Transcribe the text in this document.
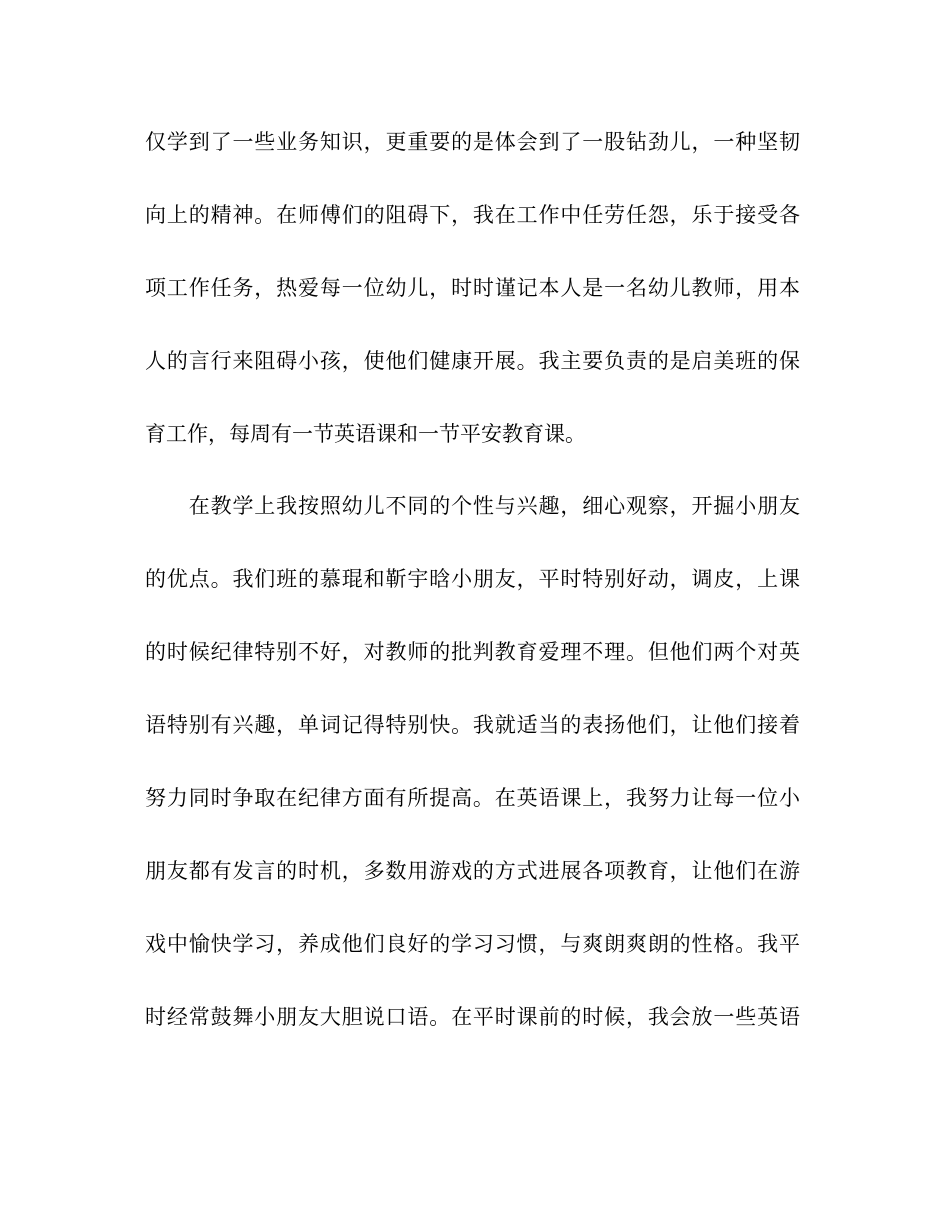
仅学到了一些业务知识，更重要的是体会到了一股钻劲儿，一种坚韧
向上的精神。在师傅们的阻碍下，我在工作中任劳任怨，乐于接受各
项工作任务，热爱每一位幼儿，时时谨记本人是一名幼儿教师，用本
人的言行来阻碍小孩，使他们健康开展。我主要负责的是启美班的保
育工作，每周有一节英语课和一节平安教育课。
　　在教学上我按照幼儿不同的个性与兴趣，细心观察，开掘小朋友
的优点。我们班的慕琨和靳宇晗小朋友，平时特别好动，调皮，上课
的时候纪律特别不好，对教师的批判教育爱理不理。但他们两个对英
语特别有兴趣，单词记得特别快。我就适当的表扬他们，让他们接着
努力同时争取在纪律方面有所提高。在英语课上，我努力让每一位小
朋友都有发言的时机，多数用游戏的方式进展各项教育，让他们在游
戏中愉快学习，养成他们良好的学习习惯，与爽朗爽朗的性格。我平
时经常鼓舞小朋友大胆说口语。在平时课前的时候，我会放一些英语
